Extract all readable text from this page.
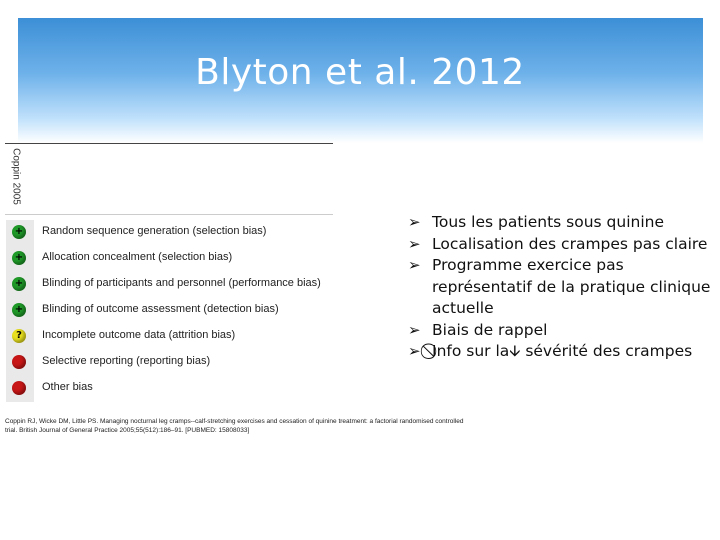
Blyton et al. 2012
Coppin 2005
+ Random sequence generation (selection bias)
+ Allocation concealment (selection bias)
+ Blinding of participants and personnel (performance bias)
+ Blinding of outcome assessment (detection bias)
?	Incomplete outcome data (attrition bias)
Selective reporting (reporting bias)
Other bias
➢ Tous les patients sous quinine
➢ Localisation des crampes pas claire
➢ Programme exercice pas représentatif de la pratique clinique actuelle
➢ Biais de rappel
➢ ⃠Info sur la🡫 sévérité des crampes
Coppin RJ, Wicke DM, Little PS. Managing nocturnal leg cramps--calf-stretching exercises and cessation of quinine treatment: a factorial randomised controlled trial. British Journal of General Practice 2005;55(512):186–91. [PUBMED: 15808033]
